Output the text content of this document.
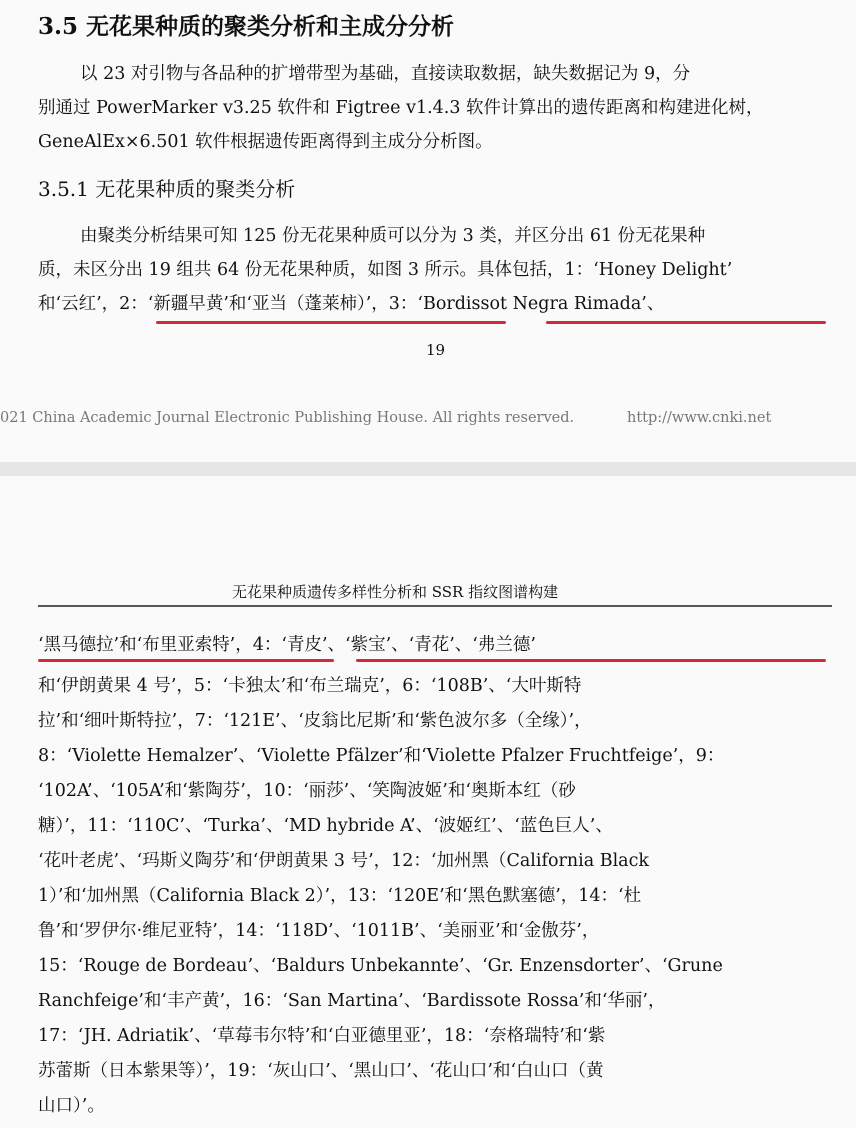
3.5 无花果种质的聚类分析和主成分分析
以 23 对引物与各品种的扩增带型为基础，直接读取数据，缺失数据记为 9，分
别通过 PowerMarker v3.25 软件和 Figtree v1.4.3 软件计算出的遗传距离和构建进化树，
GeneAlEx×6.501 软件根据遗传距离得到主成分分析图。
3.5.1 无花果种质的聚类分析
由聚类分析结果可知 125 份无花果种质可以分为 3 类，并区分出 61 份无花果种
质，未区分出 19 组共 64 份无花果种质，如图 3 所示。具体包括，1：‘Honey Delight’
和‘云红’，2：‘新疆早黄’和‘亚当（蓬莱柿）’，3：‘Bordissot Negra Rimada’、
19
021 China Academic Journal Electronic Publishing House. All rights reserved.	http://www.cnki.net
无花果种质遗传多样性分析和 SSR 指纹图谱构建
‘黑马德拉’和‘布里亚索特’，4：‘青皮’、‘紫宝’、‘青花’、‘弗兰德’
和‘伊朗黄果 4 号’，5：‘卡独太’和‘布兰瑞克’，6：‘108B’、‘大叶斯特
拉’和‘细叶斯特拉’，7：‘121E’、‘皮翁比尼斯’和‘紫色波尔多（全缘）’，
8：‘Violette Hemalzer’、‘Violette Pfälzer’和‘Violette Pfalzer Fruchtfeige’，9：
‘102A’、‘105A’和‘紫陶芬’，10：‘丽莎’、‘笑陶波姬’和‘奥斯本红（砂
糖）’，11：‘110C’、‘Turka’、‘MD hybride A’、‘波姬红’、‘蓝色巨人’、
‘花叶老虎’、‘玛斯义陶芬’和‘伊朗黄果 3 号’，12：‘加州黑（California Black
1）’和‘加州黑（California Black 2）’，13：‘120E’和‘黑色默塞德’，14：‘杜
鲁’和‘罗伊尔·维尼亚特’，14：‘118D’、‘1011B’、‘美丽亚’和‘金傲芬’，
15：‘Rouge de Bordeau’、‘Baldurs Unbekannte’、‘Gr. Enzensdorter’、‘Grune
Ranchfeige’和‘丰产黄’，16：‘San Martina’、‘Bardissote Rossa’和‘华丽’，
17：‘JH. Adriatik’、‘草莓韦尔特’和‘白亚德里亚’，18：‘奈格瑞特’和‘紫
苏蕾斯（日本紫果等）’，19：‘灰山口’、‘黑山口’、‘花山口’和‘白山口（黄
山口）’。
